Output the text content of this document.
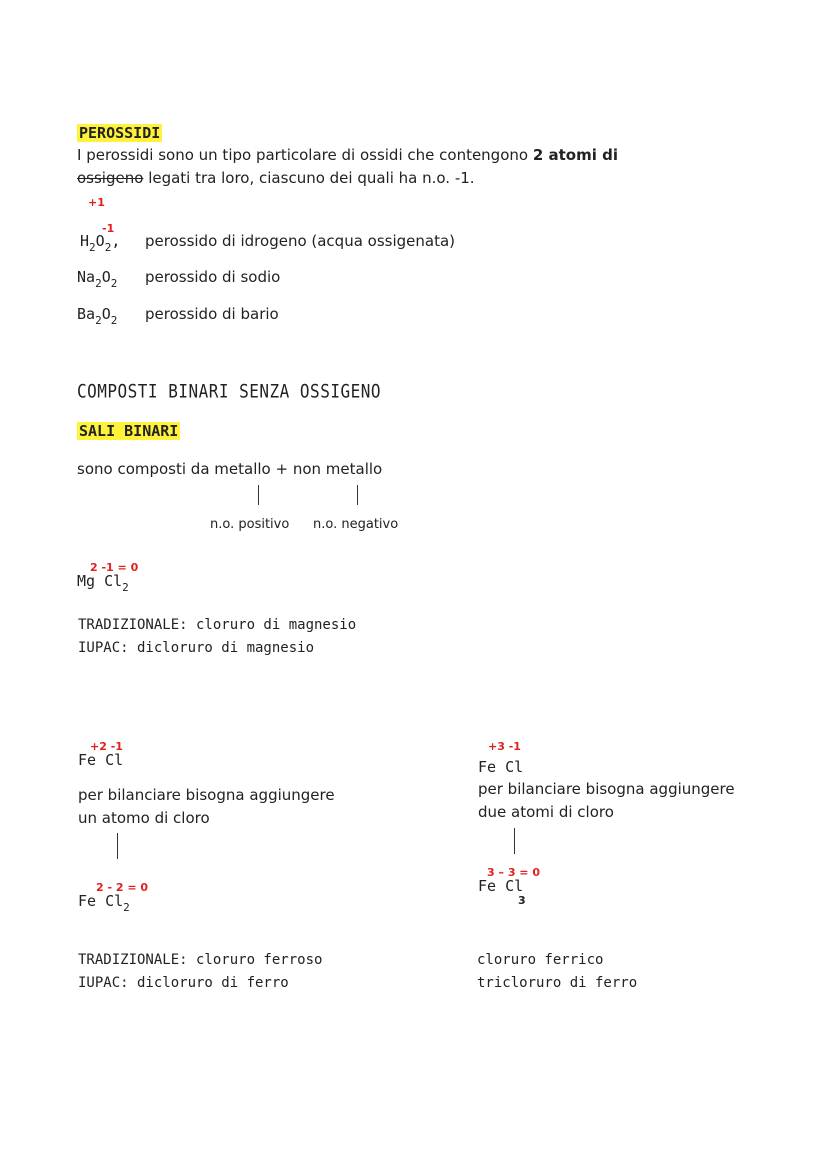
PEROSSIDI
I perossidi sono un tipo particolare di ossidi che contengono 2 atomi di
ossigeno legati tra loro, ciascuno dei quali ha n.o. -1.
+1
-1
$H_2O_2$, perossido di idrogeno (acqua ossigenata)
$Na_2O_2$ perossido di sodio
$Ba_2O_2$ perossido di bario
COMPOSTI BINARI SENZA OSSIGENO
SALI BINARI
sono composti da metallo + non metallo
n.o. positivo n.o. negativo
2 -1 = 0
Mg $Cl_2$
TRADIZIONALE: cloruro di magnesio
IUPAC: dicloruro di magnesio
+2 -1
Fe Cl
per bilanciare bisogna aggiungere
un atomo di cloro
2 - 2 = 0
Fe $Cl_2$
TRADIZIONALE: cloruro ferroso
IUPAC: dicloruro di ferro
+3 -1
Fe Cl
per bilanciare bisogna aggiungere
due atomi di cloro
3 – 3 = 0
Fe Cl
3
cloruro ferrico
tricloruro di ferro
